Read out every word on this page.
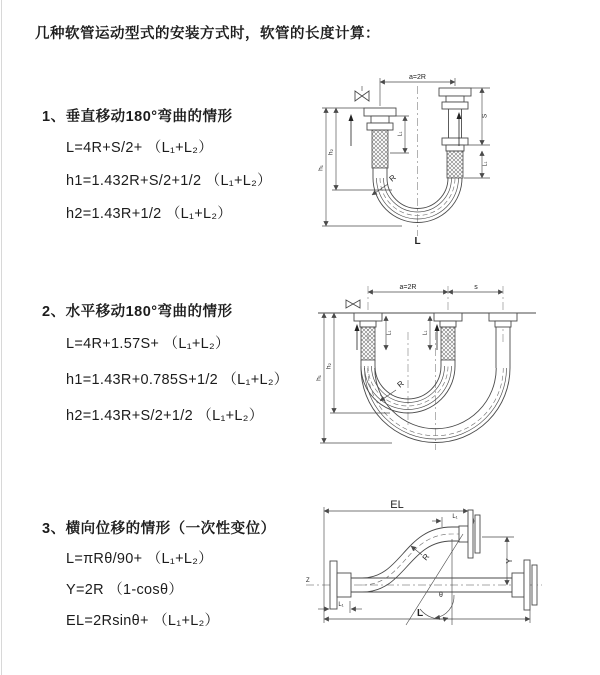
几种软管运动型式的安装方式时，软管的长度计算：
1、垂直移动180°弯曲的情形
L=4R+S/2+ （L₁+L₂）
h1=1.432R+S/2+1/2 （L₁+L₂）
h2=1.43R+1/2 （L₁+L₂）
2、水平移动180°弯曲的情形
L=4R+1.57S+ （L₁+L₂）
h1=1.43R+0.785S+1/2 （L₁+L₂）
h2=1.43R+S/2+1/2 （L₁+L₂）
3、横向位移的情形（一次性变位）
L=πRθ/90+ （L₁+L₂）
Y=2R （1-cosθ）
EL=2Rsinθ+ （L₁+L₂）
a=2R
h₁
h₂
L₁
S
L₁
R
L
a=2R	s
L₁	L₁
h₁
h₂
R
Z
EL
L₁
θ
R	Y
L₁
L
